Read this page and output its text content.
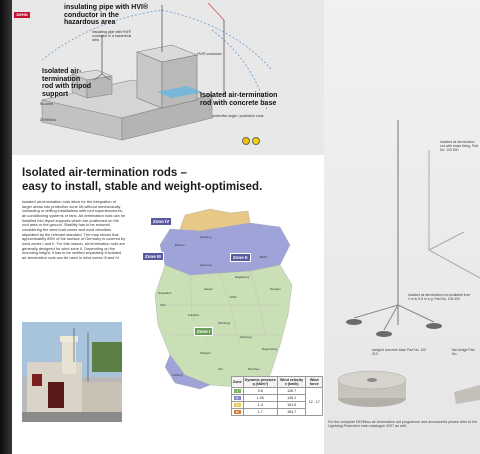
DEHN
insulating pipe with HVI® conductor in the hazardous area
Isolated air-termination rod with tripod support	Isolated air-termination rod with concrete base
insulating pipe with HVI® conductor in a hazardous area
HVI® conductor
Ex-zone
DEHNbloc
protective angle / protection zone
Isolated air-termination rods –
easy to install, stable and weight-optimised.
Isolated air-termination rods allow for the integration of larger areas into protection zone 0A without mechanically contacting or drilling installations with roof superstructures, air conditioning systems or fans. Air-termination rods can be installed into tripod supports which are positioned on the roof area or the ground. Stability has to be ensured considering the wind load zones and wind velocities stipulated by the relevant standard. The map shows that approximately 85% of the surface of Germany is covered by wind zones I and II. For this reason, air-termination rods are generally designed for wind zone II. Depending on the mounting height, it has to be verified separately if isolated air-termination rods can be used in wind zones III and IV.
Zone IV
Zone III	Zone II
Zone I
Hamburg
Bremen
Berlin
Hannover
Magdeburg
Dresden
Erfurt
Kassel
Düsseldorf
Köln
Frankfurt
Würzburg
Nürnberg
Stuttgart
München
Freiburg
Ulm
Regensburg
Zone	Dynamic pressure q (kN/m²)	Wind velocity v (km/h)	Wind force
I	0.8	126.7	12 - 17
II	1.05	145.1	
III	1.4	161.5	
IV	1.7	184.7	
Isolated air-termination rod with brass fixing, Part No. 105 600
Isolated air-termination rod available from 4 m to 5.5 m e.g. Part No. 105 400
wedged concrete base Part No. 102 010
flat wedge Part No.
For the complete DEHNiso air-termination rod programme and accessories please refer to the Lightning Protection main catalogue 2007 as well.
